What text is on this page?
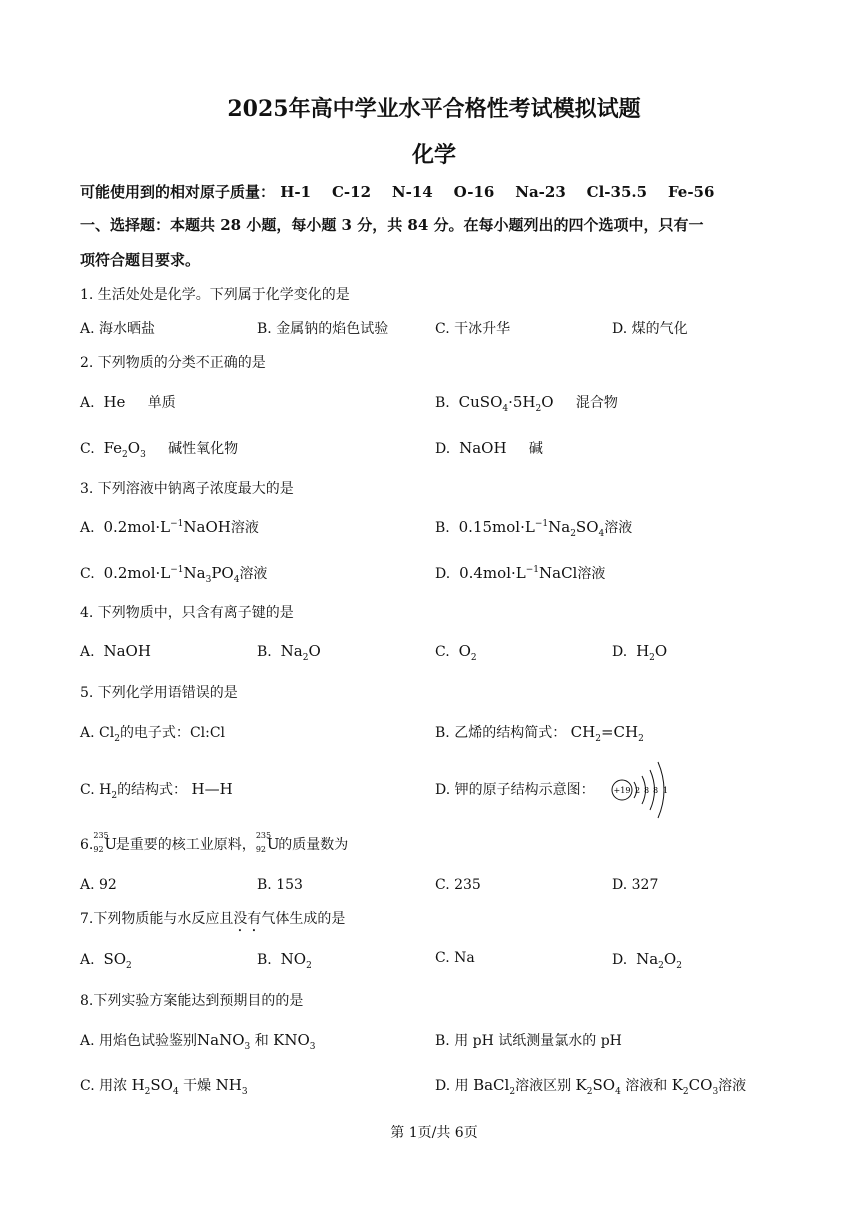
2025年高中学业水平合格性考试模拟试题
化学
可能使用到的相对原子质量： H-1 C-12 N-14 O-16 Na-23 Cl-35.5 Fe-56
一、选择题：本题共 28 小题，每小题 3 分，共 84 分。在每小题列出的四个选项中，只有一
项符合题目要求。
1. 生活处处是化学。下列属于化学变化的是
A. 海水晒盐	B. 金属钠的焰色试验	C. 干冰升华	D. 煤的气化
2. 下列物质的分类不正确的是
A. He 单质	B. $CuSO_4\cdot 5H_2O$ 混合物
C. $Fe_2O_3$ 碱性氧化物	D. NaOH 碱
3. 下列溶液中钠离子浓度最大的是
A.  $0.2mol\cdot L^{-1}NaOH$溶液	B.  $0.15mol\cdot L^{-1}Na_2SO_4$溶液
C.  $0.2mol\cdot L^{-1}Na_3PO_4$溶液	D.  $0.4mol\cdot L^{-1}NaCl$溶液
4. 下列物质中，只含有离子键的是
A.  NaOH	B.  $Na_2O$	C.  $O_2$	D.  $H_2O$
5. 下列化学用语错误的是
A. $Cl_2$的电子式：Cl:Cl	B. 乙烯的结构简式： $CH_2=CH_2$
C. $H_2$的结构式： H—H	D. 钾的原子结构示意图： +19 2 8 8 1
6.
235
92 U
是重要的核工业原料，
235
92 U
的质量数为
A. 92	B. 153	C. 235	D. 327
7.下列物质能与水反应且没有气体生成的是
A.  $SO_2$	B.  $NO_2$	C. Na	D.  $Na_2O_2$
8.下列实验方案能达到预期目的的是
A. 用焰色试验鉴别NaNO$_3$ 和 $KNO_3$	B. 用 pH 试纸测量氯水的 pH
C. 用浓 $H_2SO_4$ 干燥 $NH_3$	D. 用 BaCl$_2$溶液区别 $K_2SO_4$ 溶液和 $K_2CO_3$溶液
第 1页/共 6页
